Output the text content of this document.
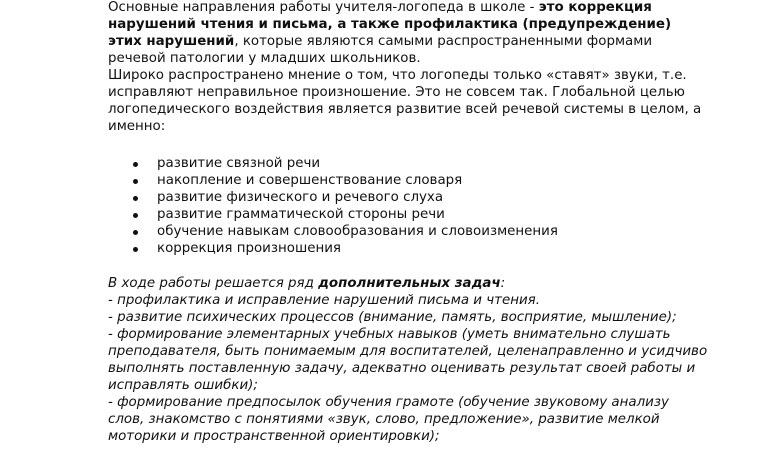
Основные направления работы учителя-логопеда в школе - это коррекция
нарушений чтения и письма, а также профилактика (предупреждение)
этих нарушений, которые являются самыми распространенными формами
речевой патологии у младших школьников.
Широко распространено мнение о том, что логопеды только «ставят» звуки, т.е.
исправляют неправильное произношение. Это не совсем так. Глобальной целью
логопедического воздействия является развитие всей речевой системы в целом, а
именно:
развитие связной речи
накопление и совершенствование словаря
развитие физического и речевого слуха
развитие грамматической стороны речи
обучение навыкам словообразования и словоизменения
коррекция произношения
В ходе работы решается ряд дополнительных задач:
- профилактика и исправление нарушений письма и чтения.
- развитие психических процессов (внимание, память, восприятие, мышление);
- формирование элементарных учебных навыков (уметь внимательно слушать
преподавателя, быть понимаемым для воспитателей, целенаправленно и усидчиво
выполнять поставленную задачу, адекватно оценивать результат своей работы и
исправлять ошибки);
- формирование предпосылок обучения грамоте (обучение звуковому анализу
слов, знакомство с понятиями «звук, слово, предложение», развитие мелкой
моторики и пространственной ориентировки);
